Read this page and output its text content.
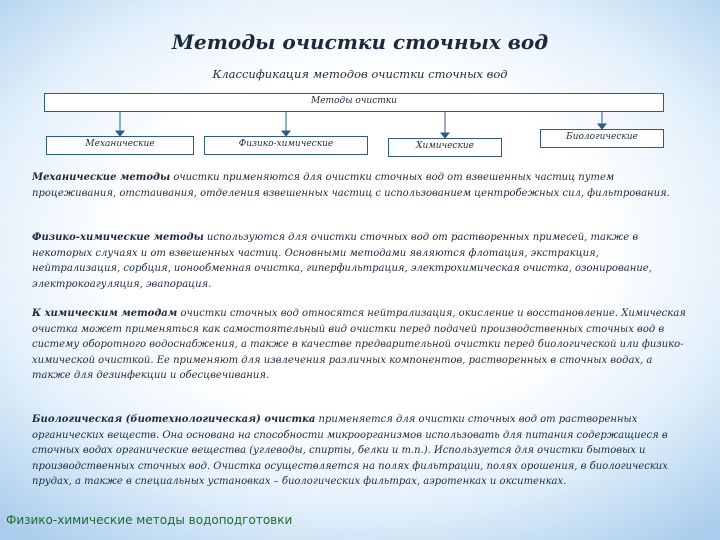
Методы очистки сточных вод
Классификация методов очистки сточных вод
Методы очистки
Механические	Физико-химические	Химические
Биологические
Механические методы очистки применяются для очистки сточных вод от взвешенных частиц путем процеживания, отстаивания, отделения взвешенных частиц с использованием центробежных сил, фильтрования.
Физико-химические методы используются для очистки сточных вод от растворенных примесей, также в некоторых случаях и от взвешенных частиц. Основными методами являются флотация, экстракция, нейтрализация, сорбция, ионообменная очистка, гиперфильтрация, электрохимическая очистка, озонирование, электрокоагуляция, эвапорация.
К химическим методам очистки сточных вод относятся нейтрализация, окисление и восстановление. Химическая очистка может применяться как самостоятельный вид очистки перед подачей производственных сточных вод в систему оборотного водоснабжения, а также в качестве предварительной очистки перед биологической или физико-химической очисткой. Ее применяют для извлечения различных компонентов, растворенных в сточных водах, а также для дезинфекции и обесцвечивания.
Биологическая (биотехнологическая) очистка применяется для очистки сточных вод от растворенных органических веществ. Она основана на способности микроорганизмов использовать для питания содержащиеся в сточных водах органические вещества (углеводы, спирты, белки и т.п.). Используется для очистки бытовых и производственных сточных вод. Очистка осуществляется на полях фильтрации, полях орошения, в биологических прудах, а также в специальных установках – биологических фильтрах, аэротенках и окситенках.
Физико-химические методы водоподготовки
